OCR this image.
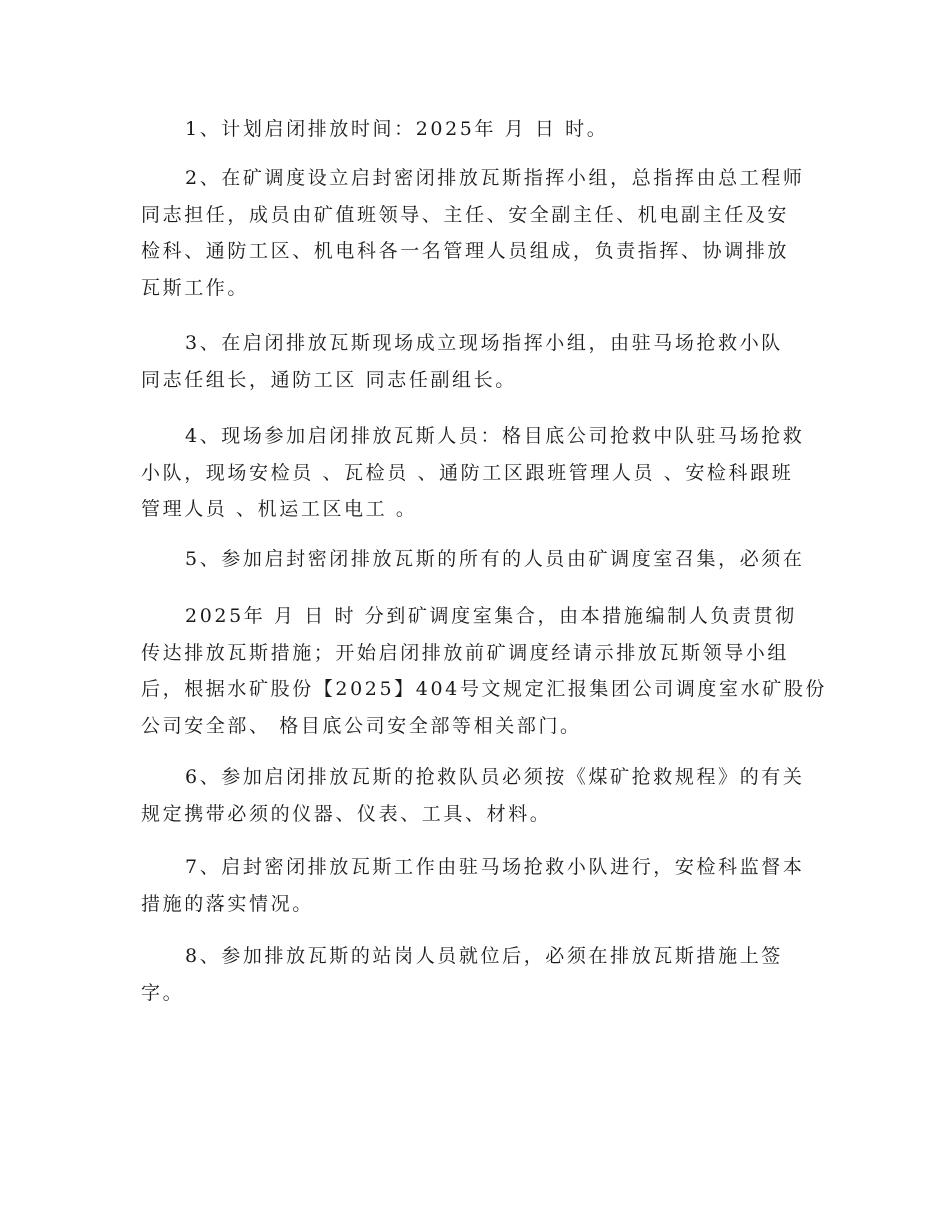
1、计划启闭排放时间：2025年 月 日 时。

2、在矿调度设立启封密闭排放瓦斯指挥小组，总指挥由总工程师
同志担任，成员由矿值班领导、主任、安全副主任、机电副主任及安
检科、通防工区、机电科各一名管理人员组成，负责指挥、协调排放
瓦斯工作。

3、在启闭排放瓦斯现场成立现场指挥小组，由驻马场抢救小队
同志任组长，通防工区 同志任副组长。

4、现场参加启闭排放瓦斯人员：格目底公司抢救中队驻马场抢救
小队，现场安检员 、瓦检员 、通防工区跟班管理人员 、安检科跟班
管理人员 、机运工区电工 。

5、参加启封密闭排放瓦斯的所有的人员由矿调度室召集，必须在

2025年 月 日 时 分到矿调度室集合，由本措施编制人负责贯彻
传达排放瓦斯措施；开始启闭排放前矿调度经请示排放瓦斯领导小组
后，根据水矿股份【2025】404号文规定汇报集团公司调度室水矿股份
公司安全部、 格目底公司安全部等相关部门。

6、参加启闭排放瓦斯的抢救队员必须按《煤矿抢救规程》的有关
规定携带必须的仪器、仪表、工具、材料。

7、启封密闭排放瓦斯工作由驻马场抢救小队进行，安检科监督本
措施的落实情况。

8、参加排放瓦斯的站岗人员就位后，必须在排放瓦斯措施上签
字。
